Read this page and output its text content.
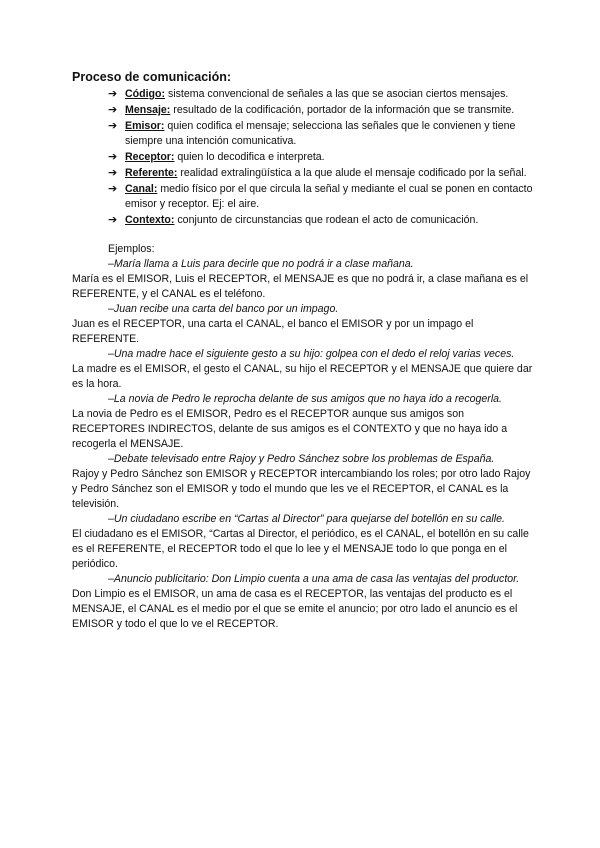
Proceso de comunicación:
➔ Código: sistema convencional de señales a las que se asocian ciertos mensajes.
➔ Mensaje: resultado de la codificación, portador de la información que se transmite.
➔ Emisor: quien codifica el mensaje; selecciona las señales que le convienen y tiene siempre una intención comunicativa.
➔ Receptor: quien lo decodifica e interpreta.
➔ Referente: realidad extralingüística a la que alude el mensaje codificado por la señal.
➔ Canal: medio físico por el que circula la señal y mediante el cual se ponen en contacto emisor y receptor. Ej: el aire.
➔ Contexto: conjunto de circunstancias que rodean el acto de comunicación.
Ejemplos:
–María llama a Luis para decirle que no podrá ir a clase mañana.
María es el EMISOR, Luis el RECEPTOR, el MENSAJE es que no podrá ir, a clase mañana es el REFERENTE, y el CANAL es el teléfono.
–Juan recibe una carta del banco por un impago.
Juan es el RECEPTOR, una carta el CANAL, el banco el EMISOR y por un impago el REFERENTE.
–Una madre hace el siguiente gesto a su hijo: golpea con el dedo el reloj varias veces.
La madre es el EMISOR, el gesto el CANAL, su hijo el RECEPTOR y el MENSAJE que quiere dar es la hora.
–La novia de Pedro le reprocha delante de sus amigos que no haya ido a recogerla.
La novia de Pedro es el EMISOR, Pedro es el RECEPTOR aunque sus amigos son RECEPTORES INDIRECTOS, delante de sus amigos es el CONTEXTO y que no haya ido a recogerla el MENSAJE.
–Debate televisado entre Rajoy y Pedro Sánchez sobre los problemas de España.
Rajoy y Pedro Sánchez son EMISOR y RECEPTOR intercambiando los roles; por otro lado Rajoy y Pedro Sánchez son el EMISOR y todo el mundo que les ve el RECEPTOR, el CANAL es la televisión.
–Un ciudadano escribe en “Cartas al Director” para quejarse del botellón en su calle.
El ciudadano es el EMISOR, “Cartas al Director, el periódico, es el CANAL, el botellón en su calle es el REFERENTE, el RECEPTOR todo el que lo lee y el MENSAJE todo lo que ponga en el periódico.
–Anuncio publicitario: Don Limpio cuenta a una ama de casa las ventajas del productor.
Don Limpio es el EMISOR, un ama de casa es el RECEPTOR, las ventajas del producto es el MENSAJE, el CANAL es el medio por el que se emite el anuncio; por otro lado el anuncio es el EMISOR y todo el que lo ve el RECEPTOR.
